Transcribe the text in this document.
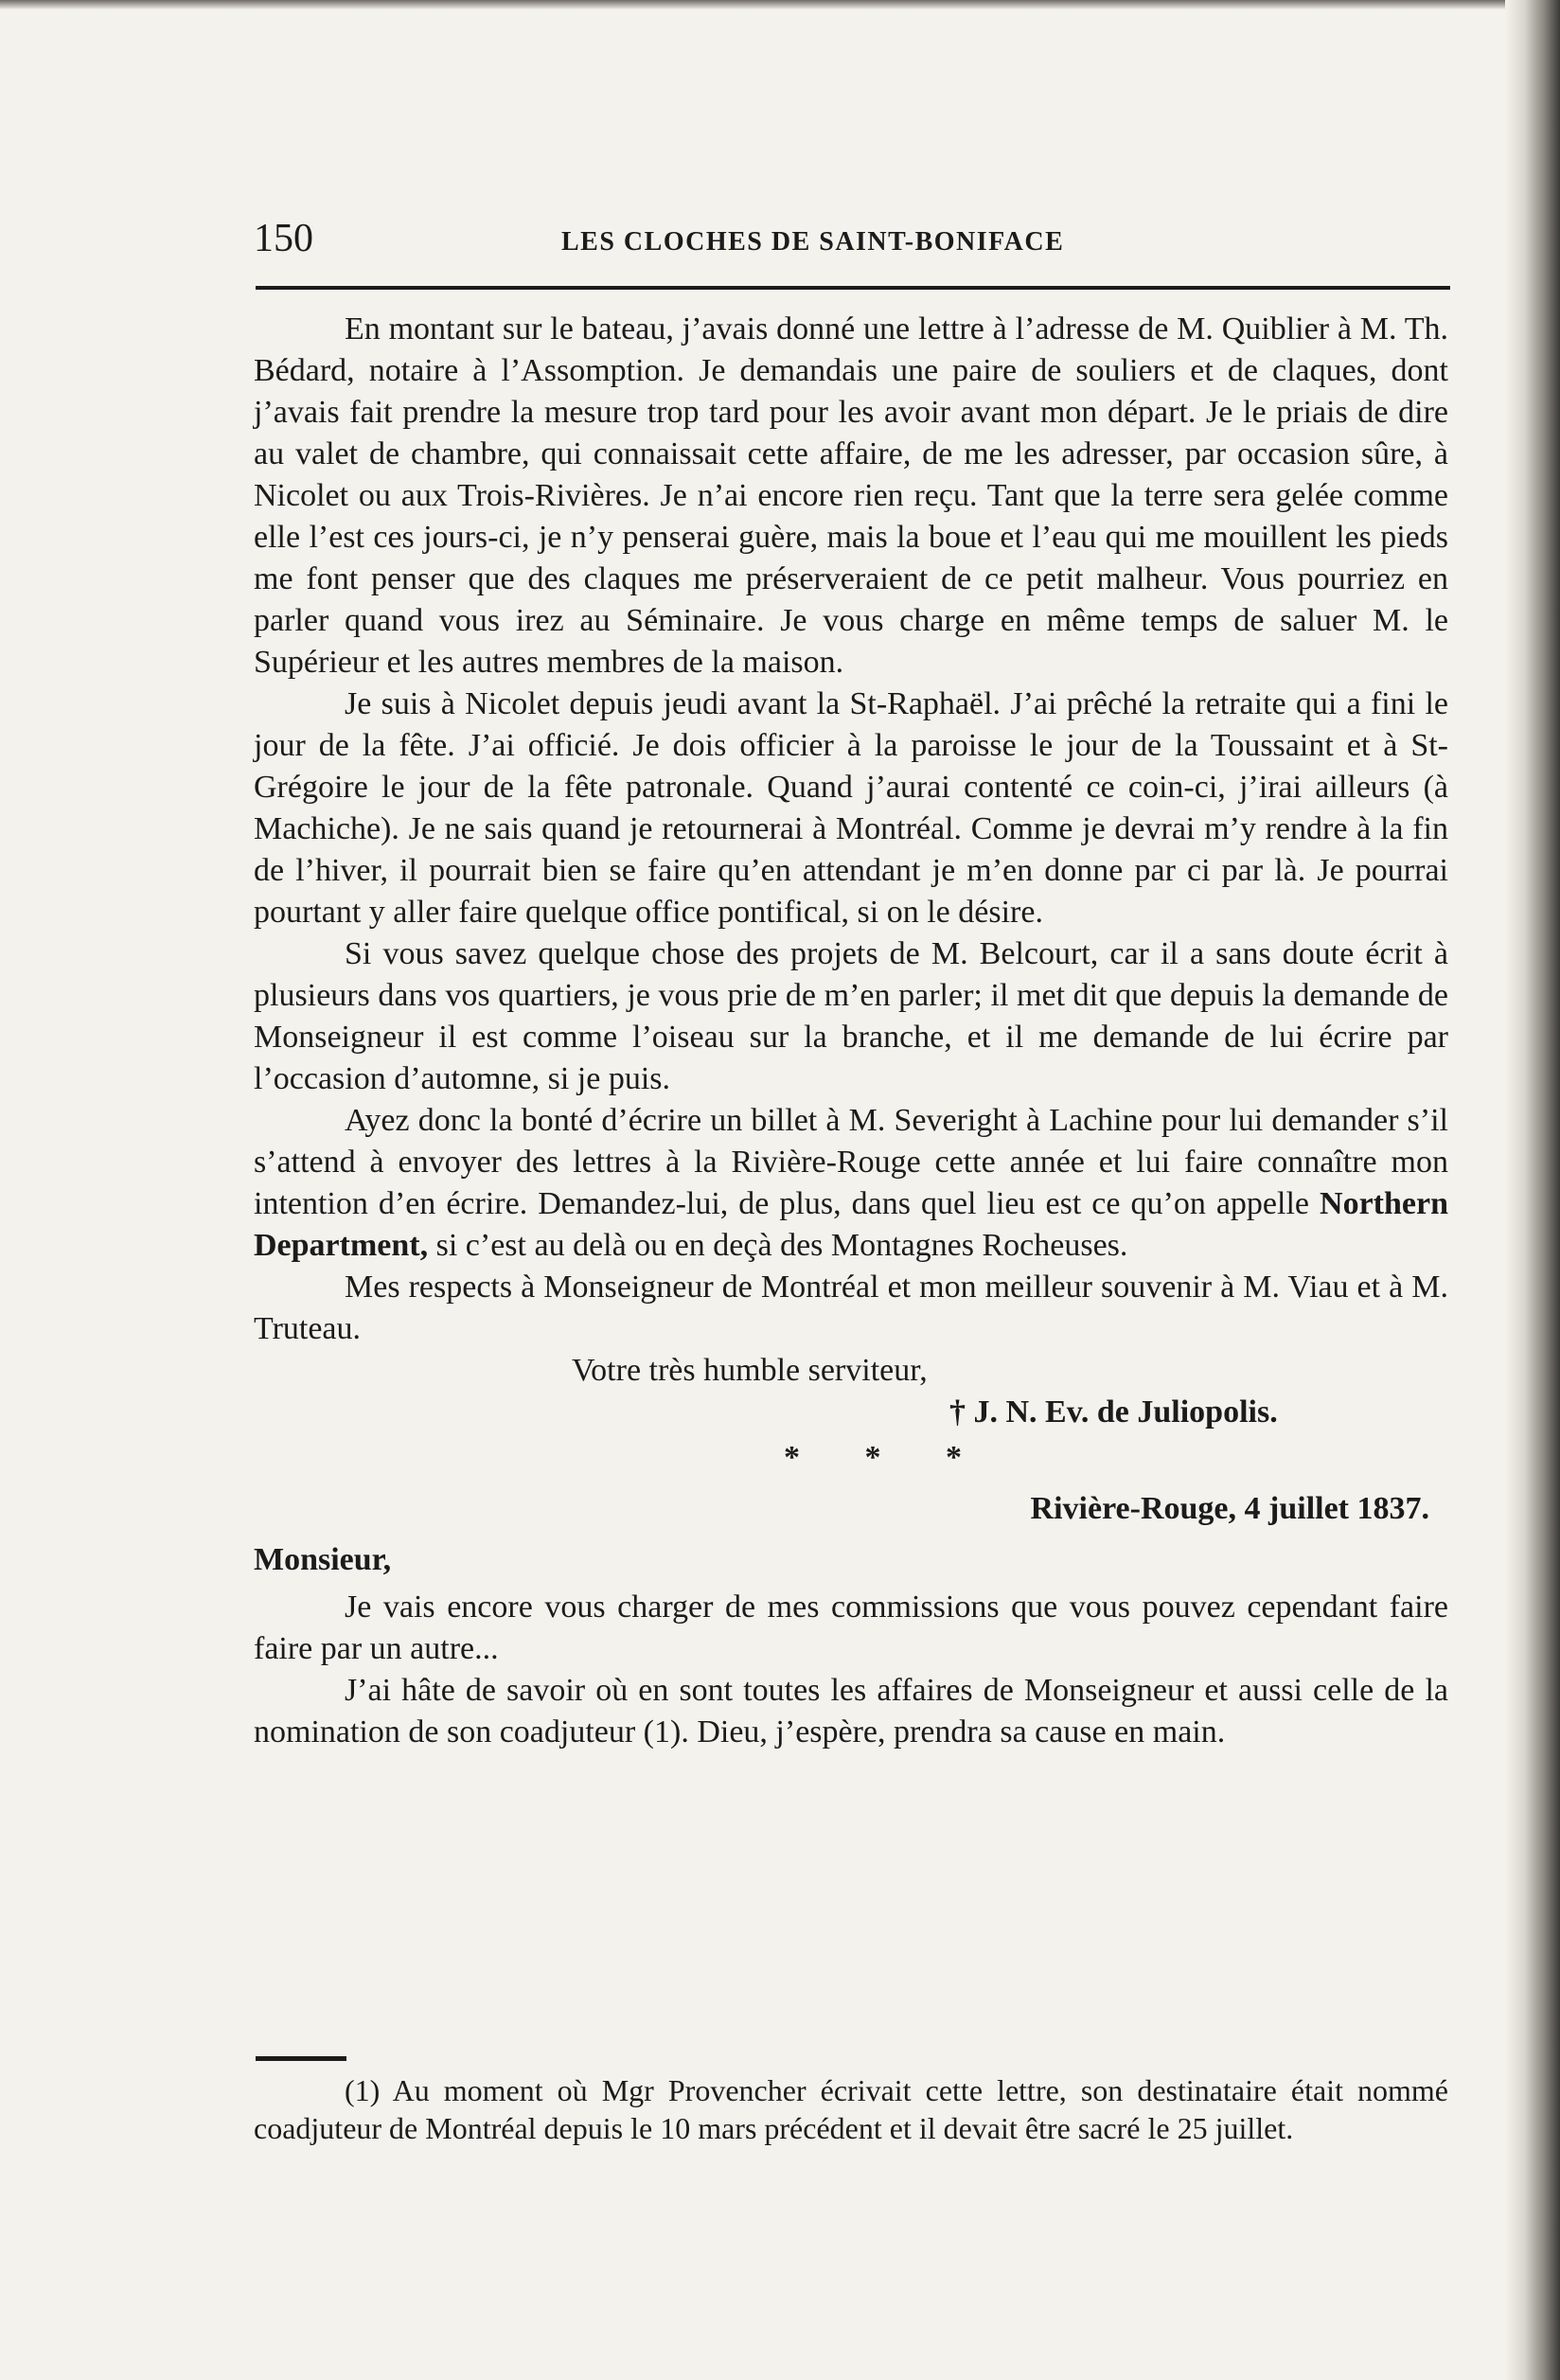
150	LES CLOCHES DE SAINT-BONIFACE

En montant sur le bateau, j’avais donné une lettre à l’adresse de M. Quiblier à M. Th. Bédard, notaire à l’Assomption. Je demandais une paire de souliers et de claques, dont j’avais fait prendre la mesure trop tard pour les avoir avant mon départ. Je le priais de dire au valet de chambre, qui connaissait cette affaire, de me les adresser, par occasion sûre, à Nicolet ou aux Trois-Rivières. Je n’ai encore rien reçu. Tant que la terre sera gelée comme elle l’est ces jours-ci, je n’y penserai guère, mais la boue et l’eau qui me mouillent les pieds me font penser que des claques me préserveraient de ce petit malheur. Vous pourriez en parler quand vous irez au Séminaire. Je vous charge en même temps de saluer M. le Supérieur et les autres membres de la maison.

Je suis à Nicolet depuis jeudi avant la St-Raphaël. J’ai prêché la retraite qui a fini le jour de la fête. J’ai officié. Je dois officier à la paroisse le jour de la Toussaint et à St-Grégoire le jour de la fête patronale. Quand j’aurai contenté ce coin-ci, j’irai ailleurs (à Machiche). Je ne sais quand je retournerai à Montréal. Comme je devrai m’y rendre à la fin de l’hiver, il pourrait bien se faire qu’en attendant je m’en donne par ci par là. Je pourrai pourtant y aller faire quelque office pontifical, si on le désire.

Si vous savez quelque chose des projets de M. Belcourt, car il a sans doute écrit à plusieurs dans vos quartiers, je vous prie de m’en parler; il met dit que depuis la demande de Monseigneur il est comme l’oiseau sur la branche, et il me demande de lui écrire par l’occasion d’automne, si je puis.

Ayez donc la bonté d’écrire un billet à M. Severight à Lachine pour lui demander s’il s’attend à envoyer des lettres à la Rivière-Rouge cette année et lui faire connaître mon intention d’en écrire. Demandez-lui, de plus, dans quel lieu est ce qu’on appelle Northern Department, si c’est au delà ou en deçà des Montagnes Rocheuses.

Mes respects à Monseigneur de Montréal et mon meilleur souvenir à M. Viau et à M. Truteau.

Votre très humble serviteur,
† J. N. Ev. de Juliopolis.
* * *
Rivière-Rouge, 4 juillet 1837.
Monsieur,

Je vais encore vous charger de mes commissions que vous pouvez cependant faire faire par un autre...

J’ai hâte de savoir où en sont toutes les affaires de Monseigneur et aussi celle de la nomination de son coadjuteur (1). Dieu, j’espère, prendra sa cause en main.

(1) Au moment où Mgr Provencher écrivait cette lettre, son destinataire était nommé coadjuteur de Montréal depuis le 10 mars précédent et il devait être sacré le 25 juillet.
